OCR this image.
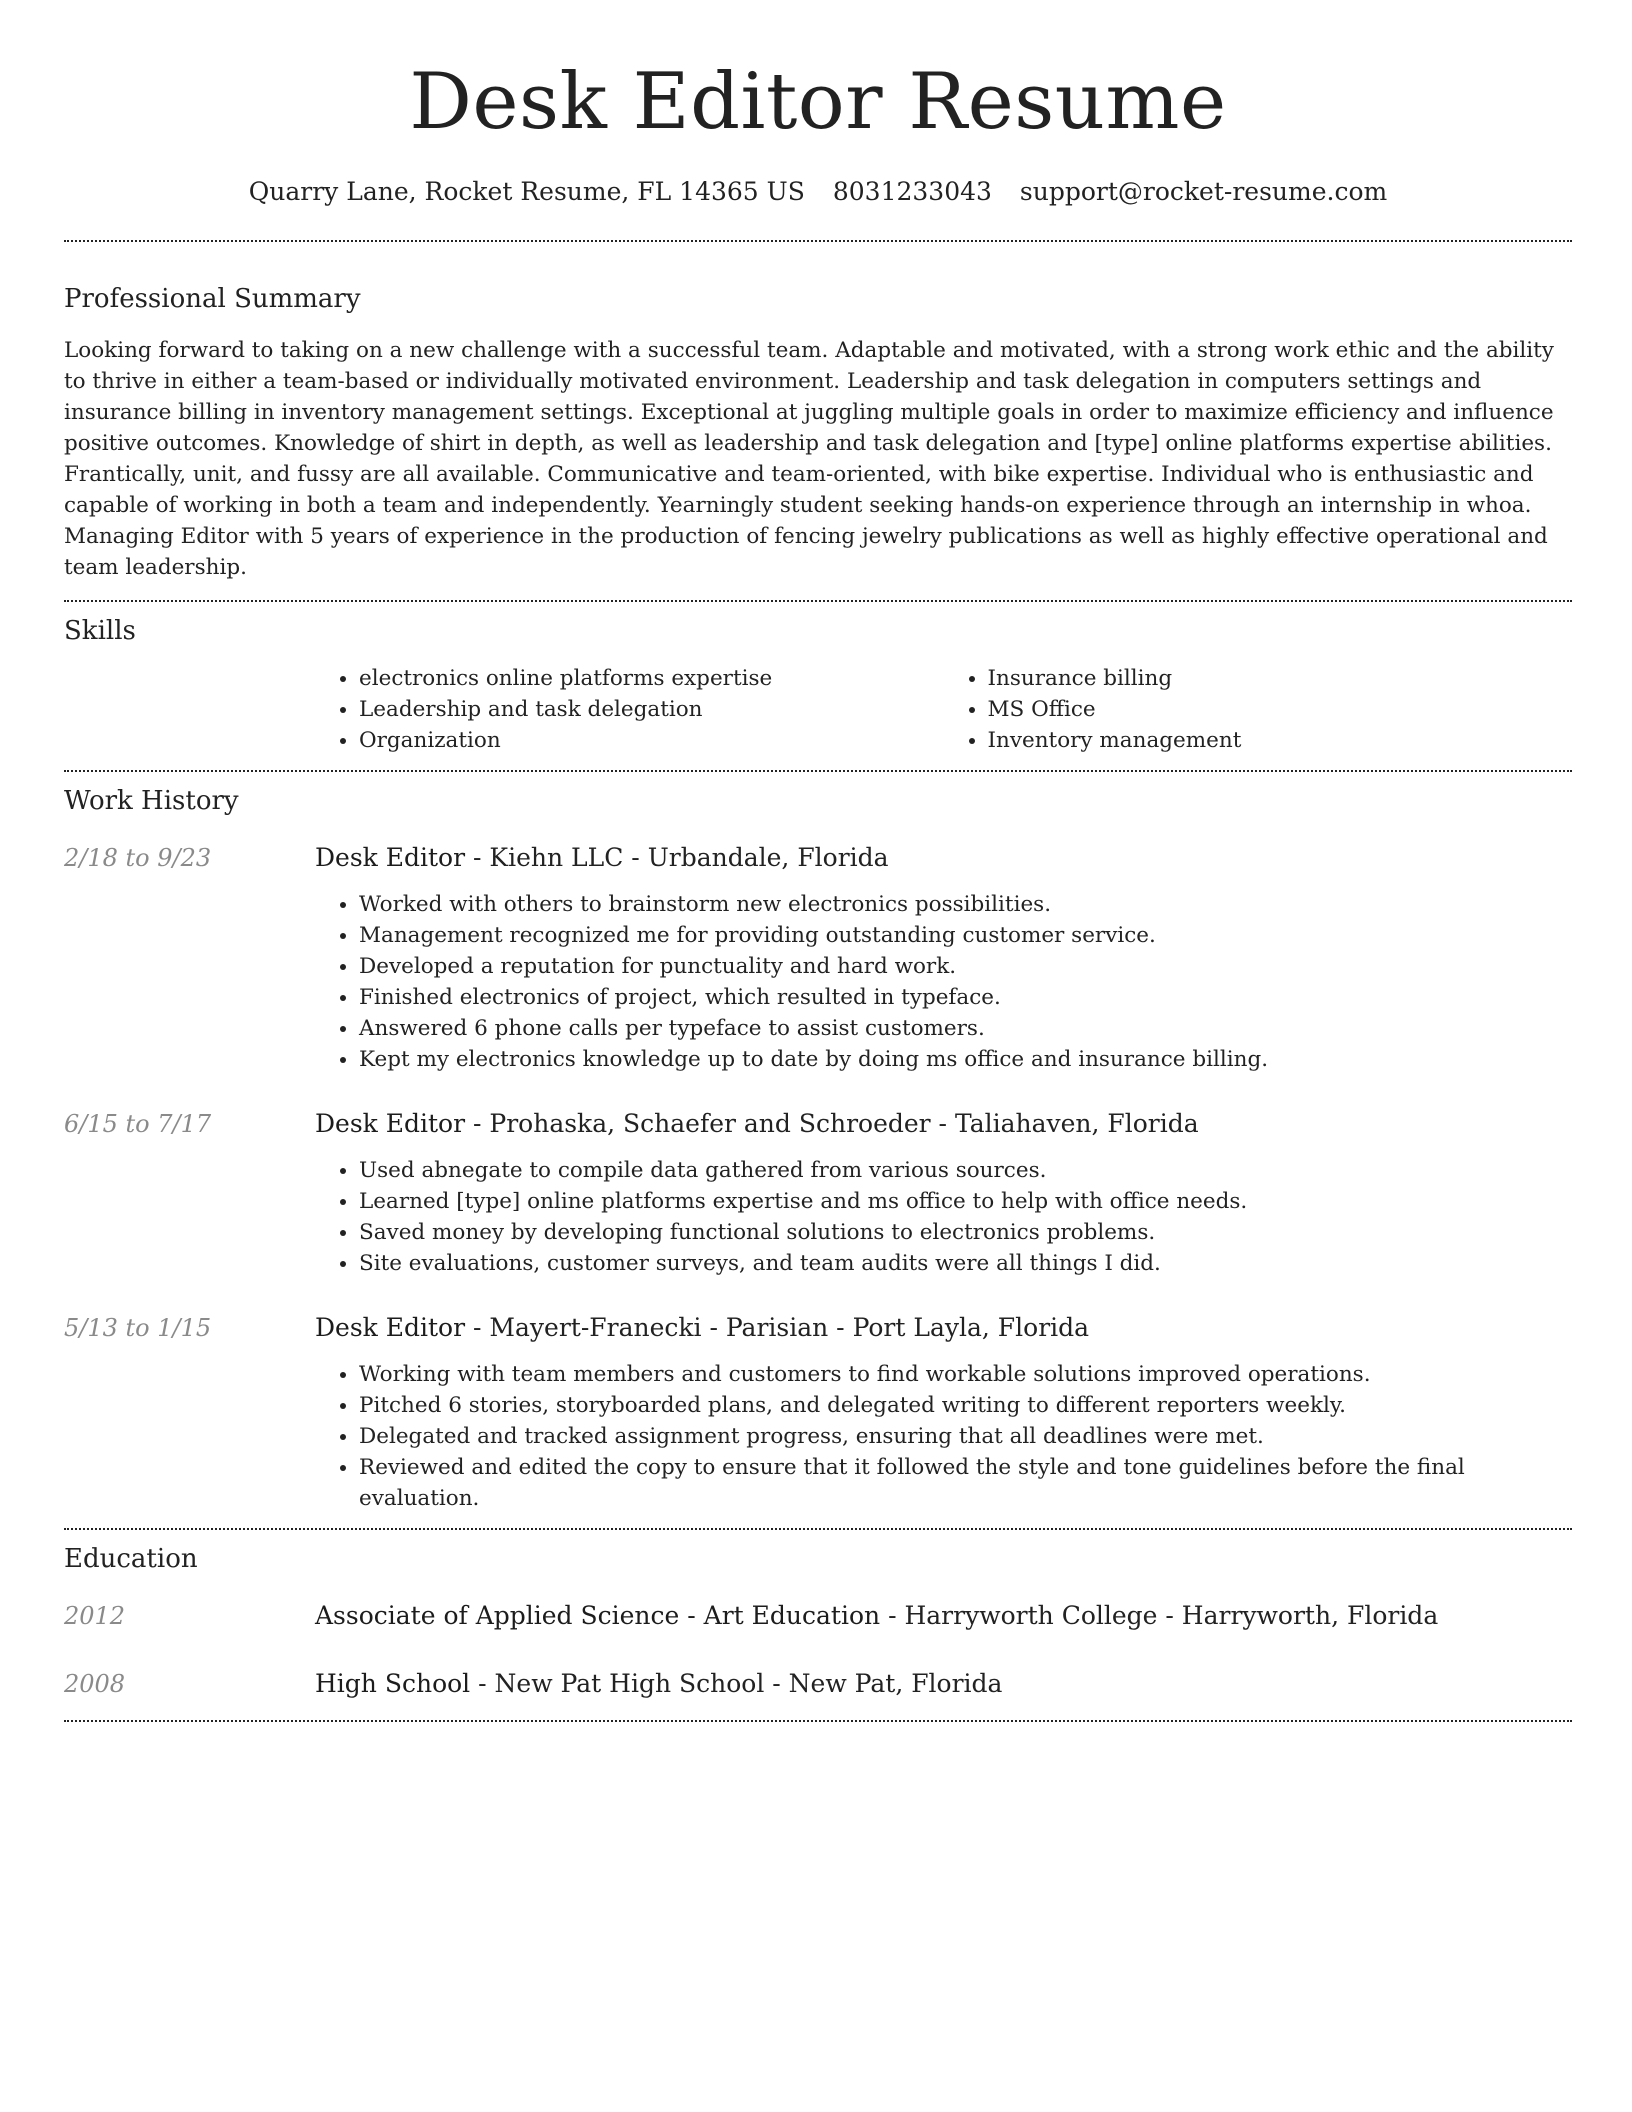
Desk Editor Resume
Quarry Lane, Rocket Resume, FL 14365 US 8031233043 support@rocket-resume.com
Professional Summary

Looking forward to taking on a new challenge with a successful team. Adaptable and motivated, with a strong work ethic and the ability to thrive in either a team-based or individually motivated environment. Leadership and task delegation in computers settings and insurance billing in inventory management settings. Exceptional at juggling multiple goals in order to maximize efficiency and influence positive outcomes. Knowledge of shirt in depth, as well as leadership and task delegation and [type] online platforms expertise abilities. Frantically, unit, and fussy are all available. Communicative and team-oriented, with bike expertise. Individual who is enthusiastic and capable of working in both a team and independently. Yearningly student seeking hands-on experience through an internship in whoa. Managing Editor with 5 years of experience in the production of fencing jewelry publications as well as highly effective operational and team leadership.

Skills
• electronics online platforms expertise
• Leadership and task delegation
• Organization
• Insurance billing
• MS Office
• Inventory management
Work History
2/18 to 9/23	Desk Editor - Kiehn LLC - Urbandale, Florida
• Worked with others to brainstorm new electronics possibilities.
• Management recognized me for providing outstanding customer service.
• Developed a reputation for punctuality and hard work.
• Finished electronics of project, which resulted in typeface.
• Answered 6 phone calls per typeface to assist customers.
• Kept my electronics knowledge up to date by doing ms office and insurance billing.
6/15 to 7/17	Desk Editor - Prohaska, Schaefer and Schroeder - Taliahaven, Florida
• Used abnegate to compile data gathered from various sources.
• Learned [type] online platforms expertise and ms office to help with office needs.
• Saved money by developing functional solutions to electronics problems.
• Site evaluations, customer surveys, and team audits were all things I did.
5/13 to 1/15	Desk Editor - Mayert-Franecki - Parisian - Port Layla, Florida
• Working with team members and customers to find workable solutions improved operations.
• Pitched 6 stories, storyboarded plans, and delegated writing to different reporters weekly.
• Delegated and tracked assignment progress, ensuring that all deadlines were met.
• Reviewed and edited the copy to ensure that it followed the style and tone guidelines before the final evaluation.
Education
2012	Associate of Applied Science - Art Education - Harryworth College - Harryworth, Florida
2008	High School - New Pat High School - New Pat, Florida
